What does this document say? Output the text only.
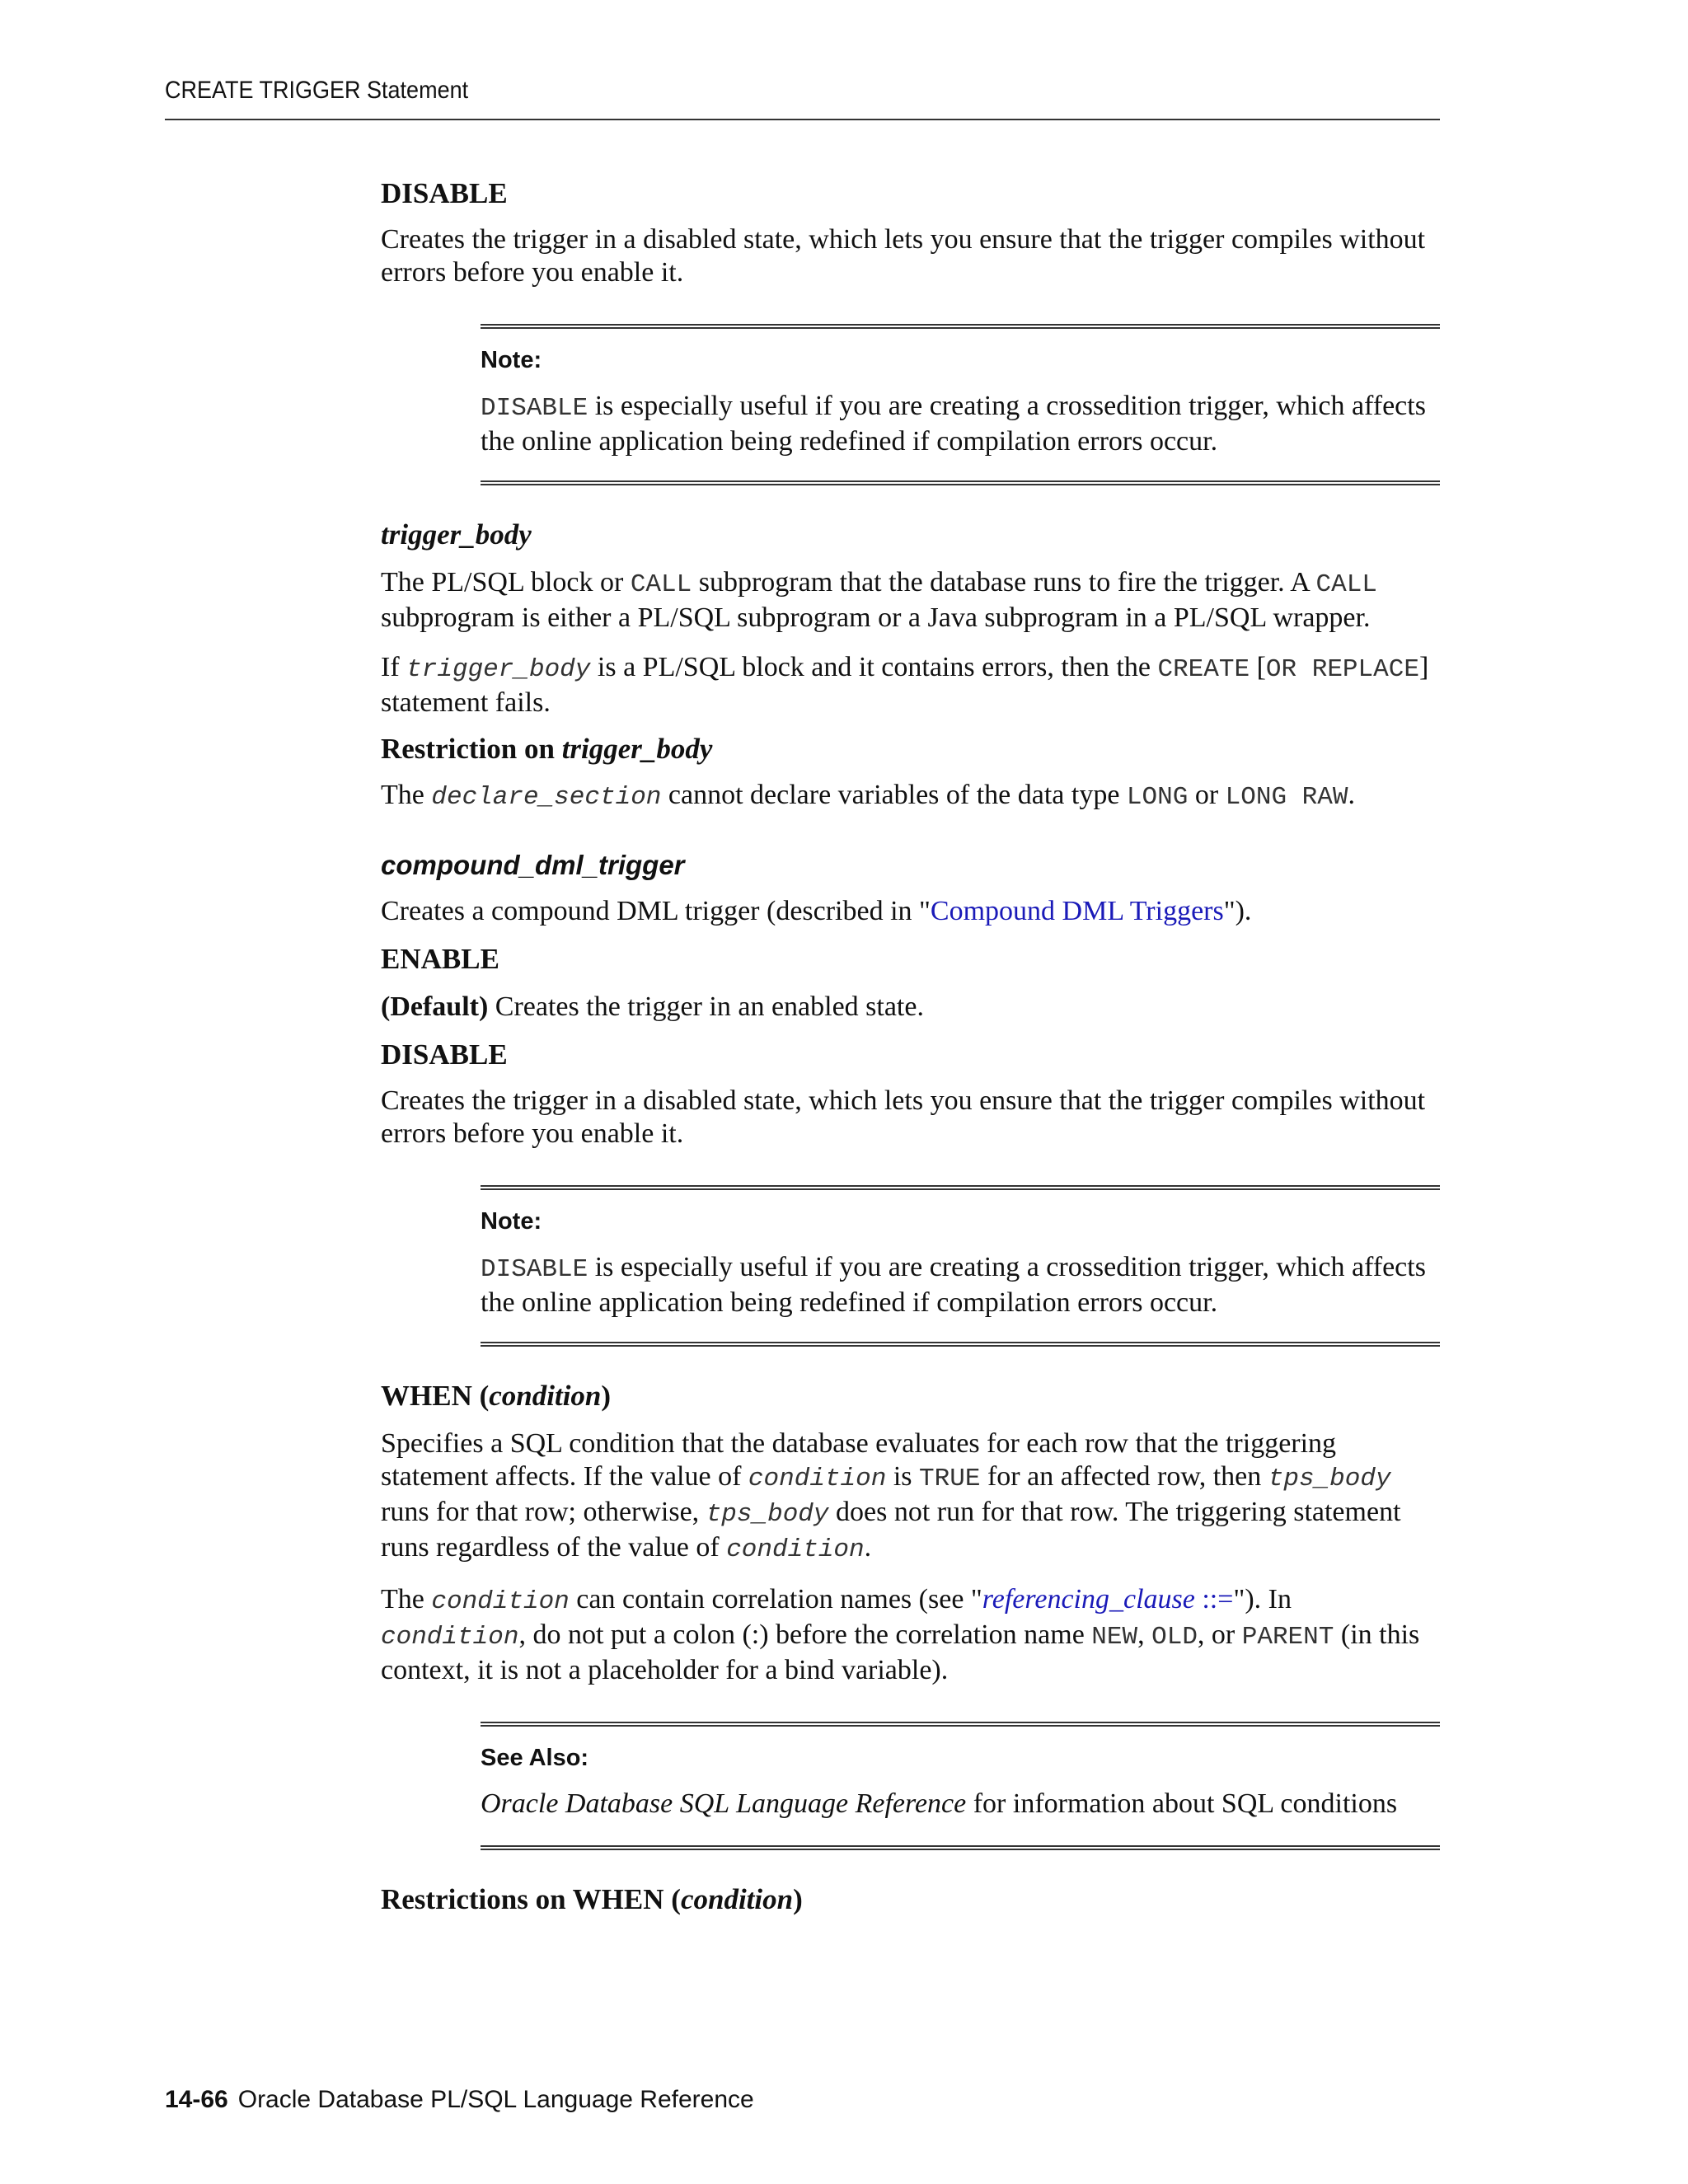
CREATE TRIGGER Statement

DISABLE

Creates the trigger in a disabled state, which lets you ensure that the trigger compiles without errors before you enable it.

Note:

DISABLE is especially useful if you are creating a crossedition trigger, which affects the online application being redefined if compilation errors occur.

trigger_body

The PL/SQL block or CALL subprogram that the database runs to fire the trigger. A CALL subprogram is either a PL/SQL subprogram or a Java subprogram in a PL/SQL wrapper.

If trigger_body is a PL/SQL block and it contains errors, then the CREATE [OR REPLACE] statement fails.

Restriction on trigger_body

The declare_section cannot declare variables of the data type LONG or LONG RAW.

compound_dml_trigger

Creates a compound DML trigger (described in "Compound DML Triggers").

ENABLE

(Default) Creates the trigger in an enabled state.

DISABLE

Creates the trigger in a disabled state, which lets you ensure that the trigger compiles without errors before you enable it.

Note:

DISABLE is especially useful if you are creating a crossedition trigger, which affects the online application being redefined if compilation errors occur.

WHEN (condition)

Specifies a SQL condition that the database evaluates for each row that the triggering statement affects. If the value of condition is TRUE for an affected row, then tps_body runs for that row; otherwise, tps_body does not run for that row. The triggering statement runs regardless of the value of condition.

The condition can contain correlation names (see "referencing_clause ::="). In condition, do not put a colon (:) before the correlation name NEW, OLD, or PARENT (in this context, it is not a placeholder for a bind variable).

See Also:

Oracle Database SQL Language Reference for information about SQL conditions

Restrictions on WHEN (condition)

14-66 Oracle Database PL/SQL Language Reference
